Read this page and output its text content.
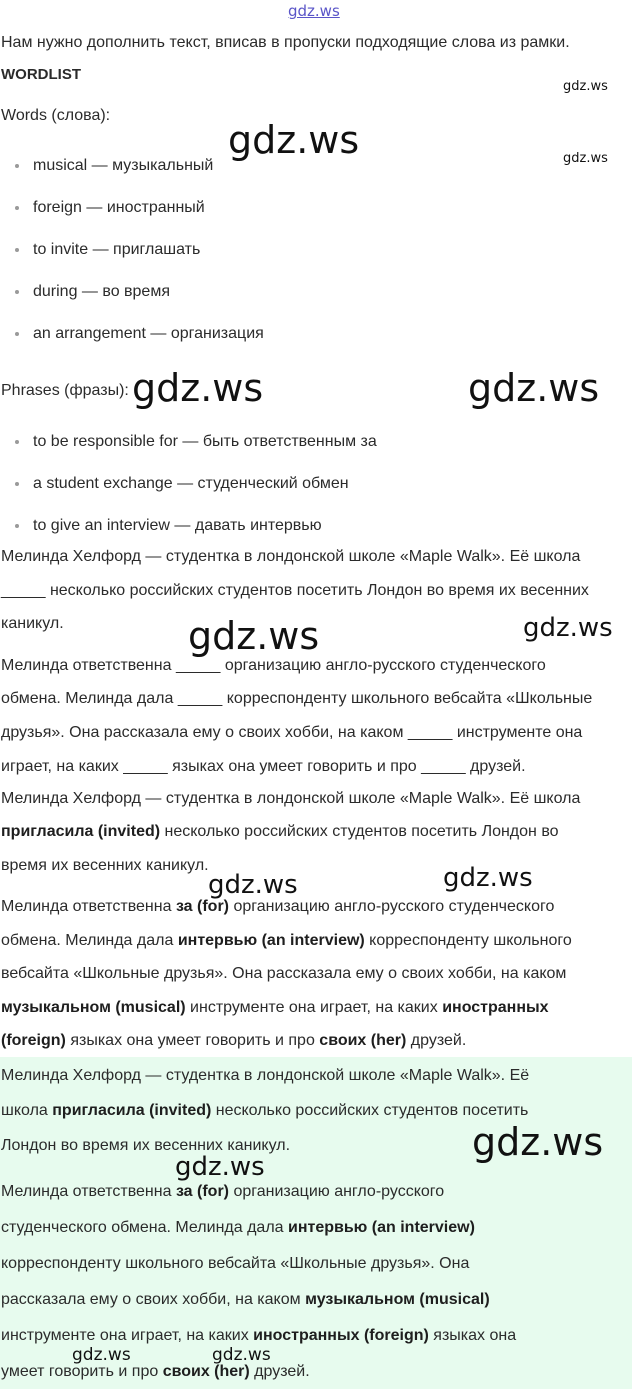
gdz.ws
gdz.ws
gdz.ws	gdz.ws
gdz.ws	gdz.ws
gdz.ws	gdz.ws
gdz.ws	gdz.ws
gdz.ws
gdz.ws
gdz.ws	gdz.ws
Нам нужно дополнить текст, вписав в пропуски подходящие слова из рамки.
WORDLIST
Words (слова):
musical — музыкальный
foreign — иностранный
to invite — приглашать
during — во время
an arrangement — организация
Phrases (фразы):
to be responsible for — быть ответственным за
a student exchange — студенческий обмен
to give an interview — давать интервью
Мелинда Хелфорд — студентка в лондонской школе «Maple Walk». Её школа
_____ несколько российских студентов посетить Лондон во время их весенних
каникул.
Мелинда ответственна _____ организацию англо-русского студенческого
обмена. Мелинда дала _____ корреспонденту школьного вебсайта «Школьные
друзья». Она рассказала ему о своих хобби, на каком _____ инструменте она
играет, на каких _____ языках она умеет говорить и про _____ друзей.
Мелинда Хелфорд — студентка в лондонской школе «Maple Walk». Её школа
пригласила (invited) несколько российских студентов посетить Лондон во
время их весенних каникул.
Мелинда ответственна за (for) организацию англо-русского студенческого
обмена. Мелинда дала интервью (an interview) корреспонденту школьного
вебсайта «Школьные друзья». Она рассказала ему о своих хобби, на каком
музыкальном (musical) инструменте она играет, на каких иностранных
(foreign) языках она умеет говорить и про своих (her) друзей.
Мелинда Хелфорд — студентка в лондонской школе «Maple Walk». Её
школа пригласила (invited) несколько российских студентов посетить
Лондон во время их весенних каникул.
Мелинда ответственна за (for) организацию англо-русского
студенческого обмена. Мелинда дала интервью (an interview)
корреспонденту школьного вебсайта «Школьные друзья». Она
рассказала ему о своих хобби, на каком музыкальном (musical)
инструменте она играет, на каких иностранных (foreign) языках она
умеет говорить и про своих (her) друзей.
